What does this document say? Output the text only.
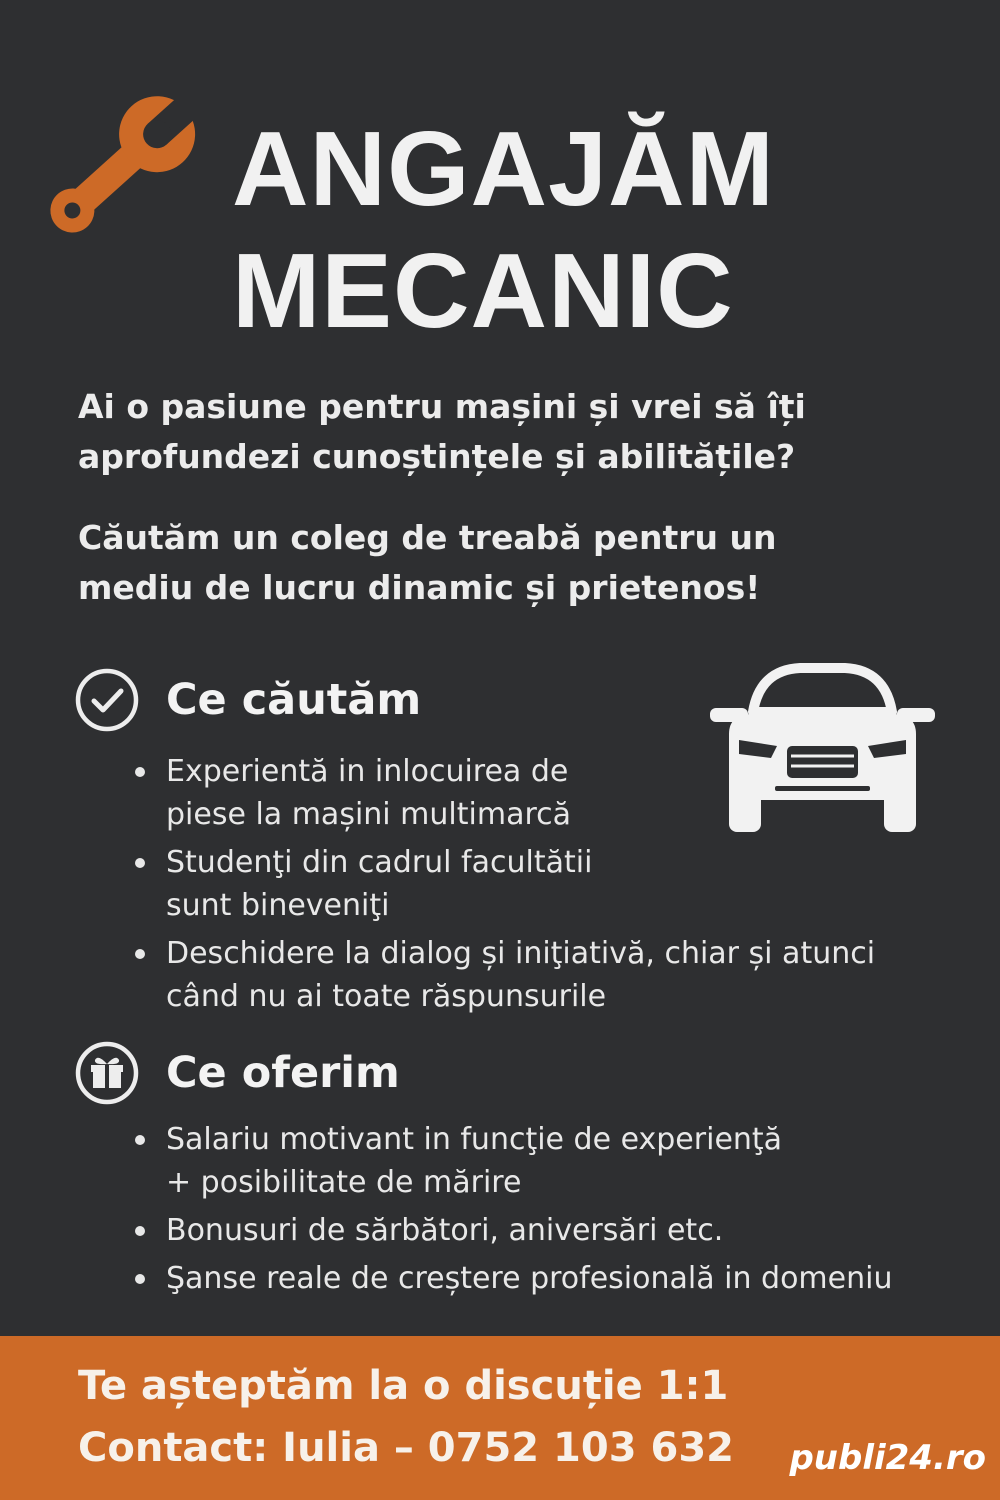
ANGAJĂM
MECANIC
Ai o pasiune pentru mașini și vrei să îți
aprofundezi cunoștințele și abilitățile?
Căutăm un coleg de treabă pentru un
mediu de lucru dinamic și prietenos!
Ce căutăm
Experientă in inlocuirea de
piese la mașini multimarcă
Studenţi din cadrul facultătii
sunt bineveniţi
Deschidere la dialog și iniţiativă, chiar și atunci
când nu ai toate răspunsurile
Ce oferim
Salariu motivant in funcţie de experienţă
+ posibilitate de mărire
Bonusuri de sărbători, aniversări etc.
Şanse reale de creștere profesională in domeniu
Te așteptăm la o discuție 1:1
Contact: Iulia – 0752 103 632 publi24.ro
